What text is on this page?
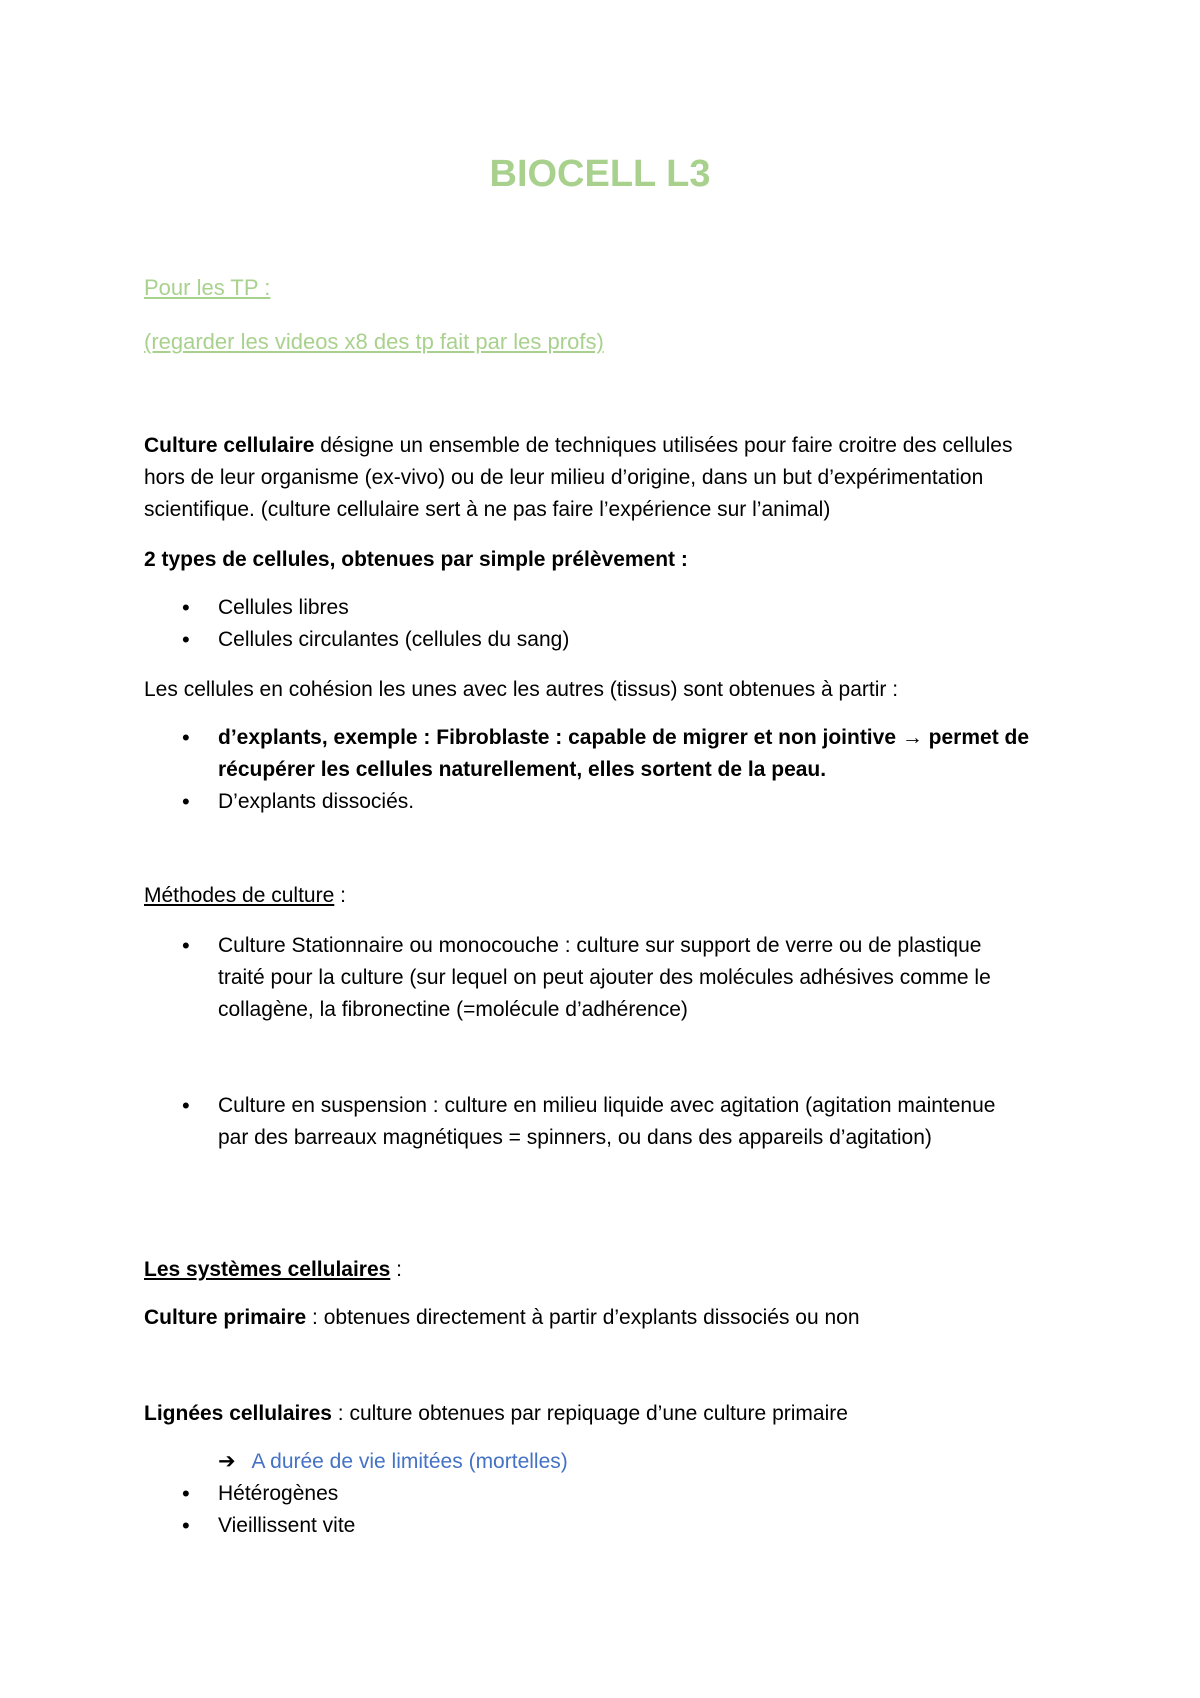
BIOCELL L3

Pour les TP :

(regarder les videos x8 des tp fait par les profs)

Culture cellulaire désigne un ensemble de techniques utilisées pour faire croitre des cellules

hors de leur organisme (ex-vivo) ou de leur milieu d’origine, dans un but d’expérimentation

scientifique. (culture cellulaire sert à ne pas faire l’expérience sur l’animal)

2 types de cellules, obtenues par simple prélèvement :

• Cellules libres
• Cellules circulantes (cellules du sang)

Les cellules en cohésion les unes avec les autres (tissus) sont obtenues à partir :

• d’explants, exemple : Fibroblaste : capable de migrer et non jointive → permet de
récupérer les cellules naturellement, elles sortent de la peau.
• D’explants dissociés.

Méthodes de culture :

• Culture Stationnaire ou monocouche : culture sur support de verre ou de plastique
traité pour la culture (sur lequel on peut ajouter des molécules adhésives comme le
collagène, la fibronectine (=molécule d’adhérence)
• Culture en suspension : culture en milieu liquide avec agitation (agitation maintenue
par des barreaux magnétiques = spinners, ou dans des appareils d’agitation)

Les systèmes cellulaires :

Culture primaire : obtenues directement à partir d’explants dissociés ou non

Lignées cellulaires : culture obtenues par repiquage d’une culture primaire

➔ A durée de vie limitées (mortelles)
• Hétérogènes
• Vieillissent vite
